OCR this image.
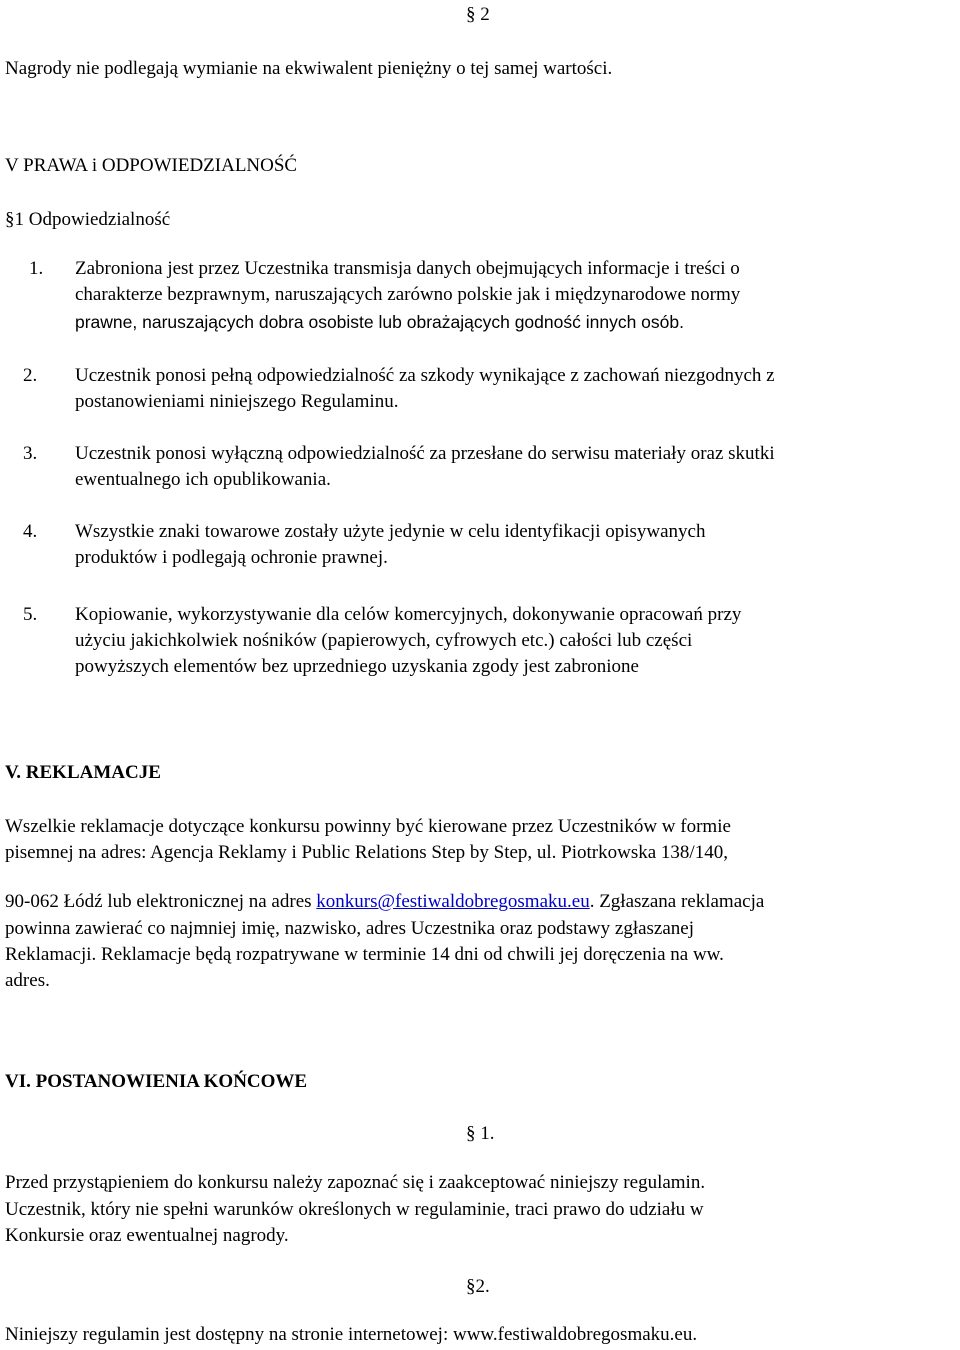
§ 2
Nagrody nie podlegają wymianie na ekwiwalent pieniężny o tej samej wartości.
V PRAWA i ODPOWIEDZIALNOŚĆ
§1 Odpowiedzialność
1. Zabroniona jest przez Uczestnika transmisja danych obejmujących informacje i treści o
charakterze bezprawnym, naruszających zarówno polskie jak i międzynarodowe normy
prawne, naruszających dobra osobiste lub obrażających godność innych osób.
2. Uczestnik ponosi pełną odpowiedzialność za szkody wynikające z zachowań niezgodnych z
postanowieniami niniejszego Regulaminu.
3. Uczestnik ponosi wyłączną odpowiedzialność za przesłane do serwisu materiały oraz skutki
ewentualnego ich opublikowania.
4. Wszystkie znaki towarowe zostały użyte jedynie w celu identyfikacji opisywanych
produktów i podlegają ochronie prawnej.
5. Kopiowanie, wykorzystywanie dla celów komercyjnych, dokonywanie opracowań przy
użyciu jakichkolwiek nośników (papierowych, cyfrowych etc.) całości lub części
powyższych elementów bez uprzedniego uzyskania zgody jest zabronione
V. REKLAMACJE
Wszelkie reklamacje dotyczące konkursu powinny być kierowane przez Uczestników w formie
pisemnej na adres: Agencja Reklamy i Public Relations Step by Step, ul. Piotrkowska 138/140,
90-062 Łódź lub elektronicznej na adres konkurs@festiwaldobregosmaku.eu. Zgłaszana reklamacja
powinna zawierać co najmniej imię, nazwisko, adres Uczestnika oraz podstawy zgłaszanej
Reklamacji. Reklamacje będą rozpatrywane w terminie 14 dni od chwili jej doręczenia na ww.
adres.
VI. POSTANOWIENIA KOŃCOWE
§ 1.
Przed przystąpieniem do konkursu należy zapoznać się i zaakceptować niniejszy regulamin.
Uczestnik, który nie spełni warunków określonych w regulaminie, traci prawo do udziału w
Konkursie oraz ewentualnej nagrody.
§2.
Niniejszy regulamin jest dostępny na stronie internetowej: www.festiwaldobregosmaku.eu.
